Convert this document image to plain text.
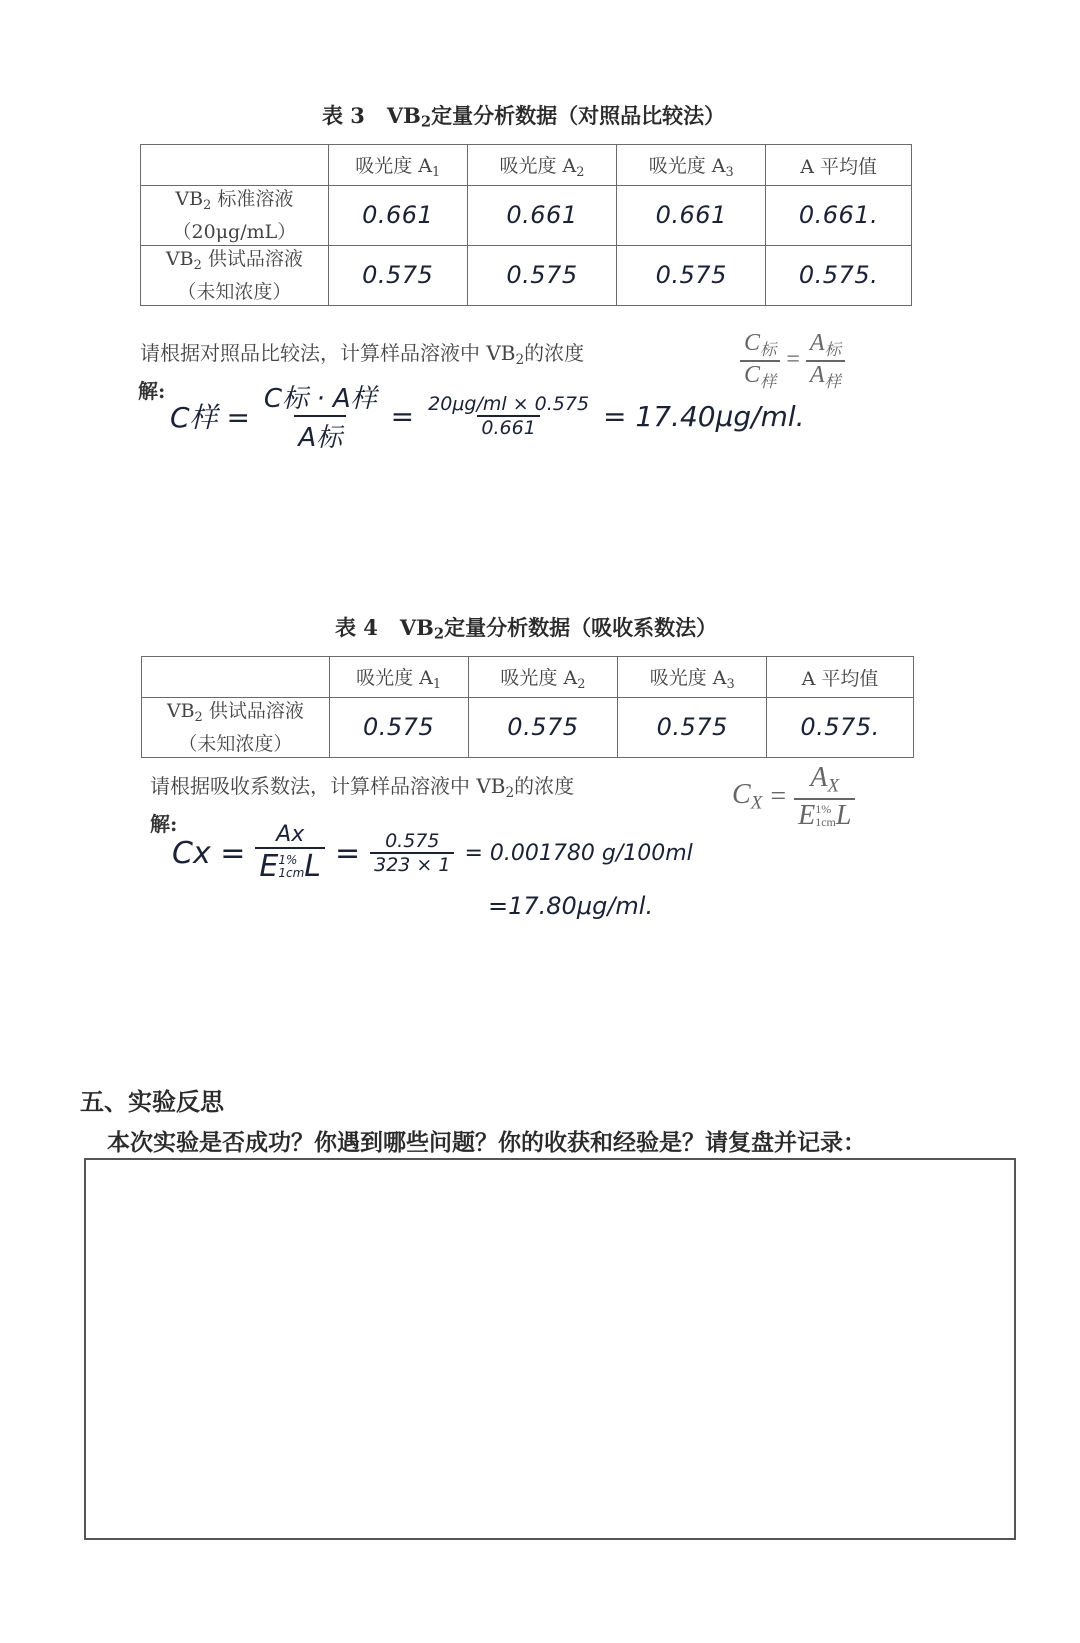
表 3 $VB_2$定量分析数据（对照品比较法）
	吸光度 $A_1$	吸光度 $A_2$	吸光度 $A_3$	A 平均值
$VB_2$ 标准溶液
（20μg/mL）	0.661	0.661	0.661	0.661.
$VB_2$ 供试品溶液
（未知浓度）	0.575	0.575	0.575	0.575.
请根据对照品比较法，计算样品溶液中 $VB_2$的浓度	$\frac{C_标}{C_样} = \frac{A_标}{A_样}$
解:
C样 = $\frac{\text{C标 · A样}}{\text{A标}} = \frac{20\mu g/ml \times 0.575}{0.661} = 17.40\mu g/ml$.
表 4 $VB_2$定量分析数据（吸收系数法）
	吸光度 $A_1$	吸光度 $A_2$	吸光度 $A_3$	A 平均值
$VB_2$ 供试品溶液
（未知浓度）	0.575	0.575	0.575	0.575.
请根据吸收系数法，计算样品溶液中 $VB_2$的浓度	$C_X = A_X$
E 1%
1cm L
解:
Cx = Ax
E 1%
1cm $L = \frac{0.575}{323 \times 1} = 0.001780$ g/100ml
=17.80μg/ml.
五、实验反思
本次实验是否成功？你遇到哪些问题？你的收获和经验是？请复盘并记录：
